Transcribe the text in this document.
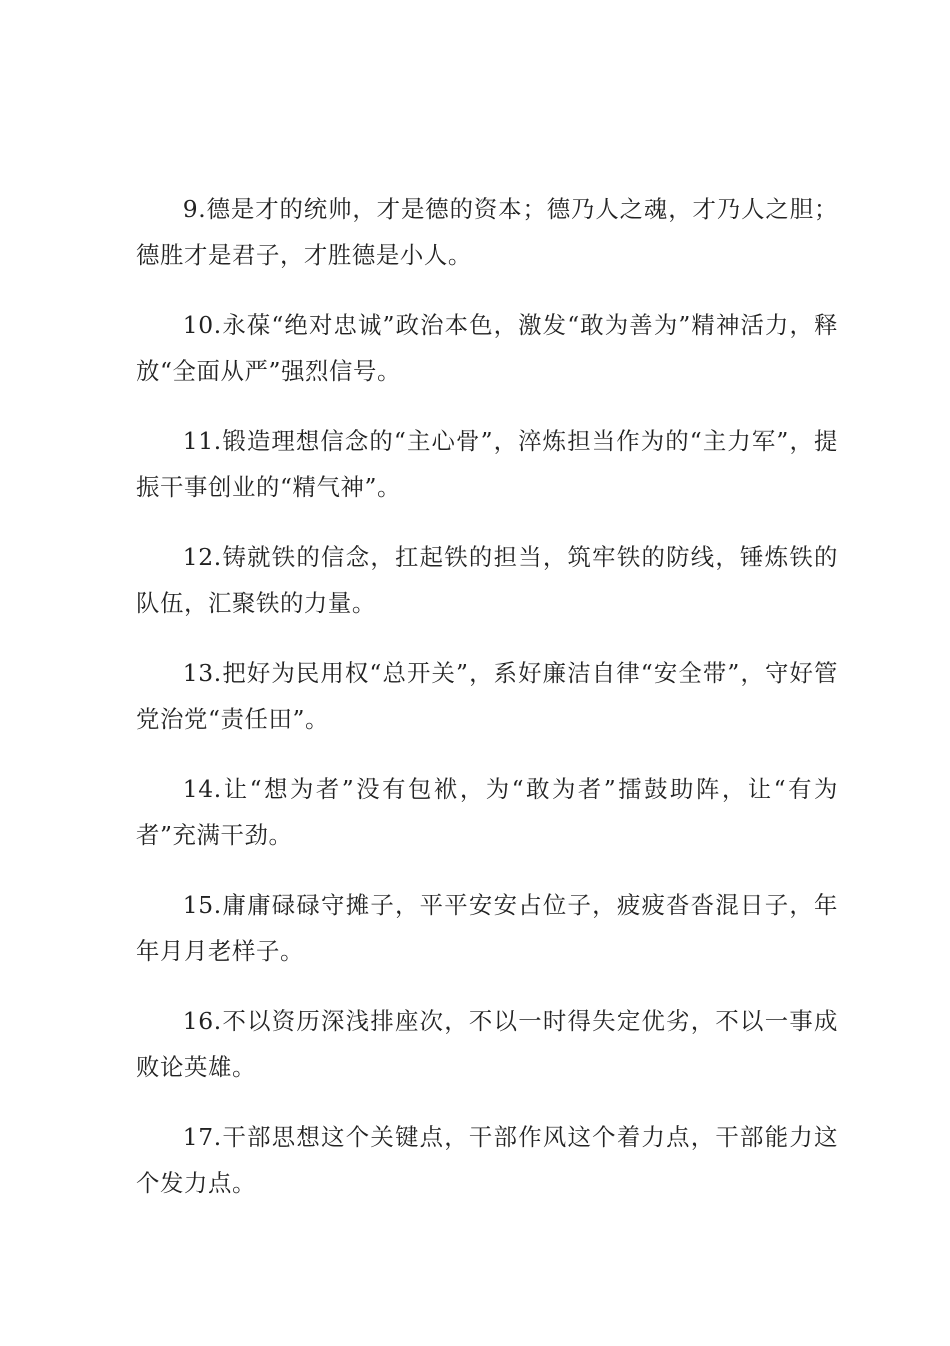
9.德是才的统帅，才是德的资本；德乃人之魂，才乃人之胆；德胜才是君子，才胜德是小人。

10.永葆“绝对忠诚”政治本色，激发“敢为善为”精神活力，释放“全面从严”强烈信号。

11.锻造理想信念的“主心骨”，淬炼担当作为的“主力军”，提振干事创业的“精气神”。

12.铸就铁的信念，扛起铁的担当，筑牢铁的防线，锤炼铁的队伍，汇聚铁的力量。

13.把好为民用权“总开关”，系好廉洁自律“安全带”，守好管党治党“责任田”。

14.让“想为者”没有包袱，为“敢为者”擂鼓助阵，让“有为者”充满干劲。

15.庸庸碌碌守摊子，平平安安占位子，疲疲沓沓混日子，年年月月老样子。

16.不以资历深浅排座次，不以一时得失定优劣，不以一事成败论英雄。

17.干部思想这个关键点，干部作风这个着力点，干部能力这个发力点。
